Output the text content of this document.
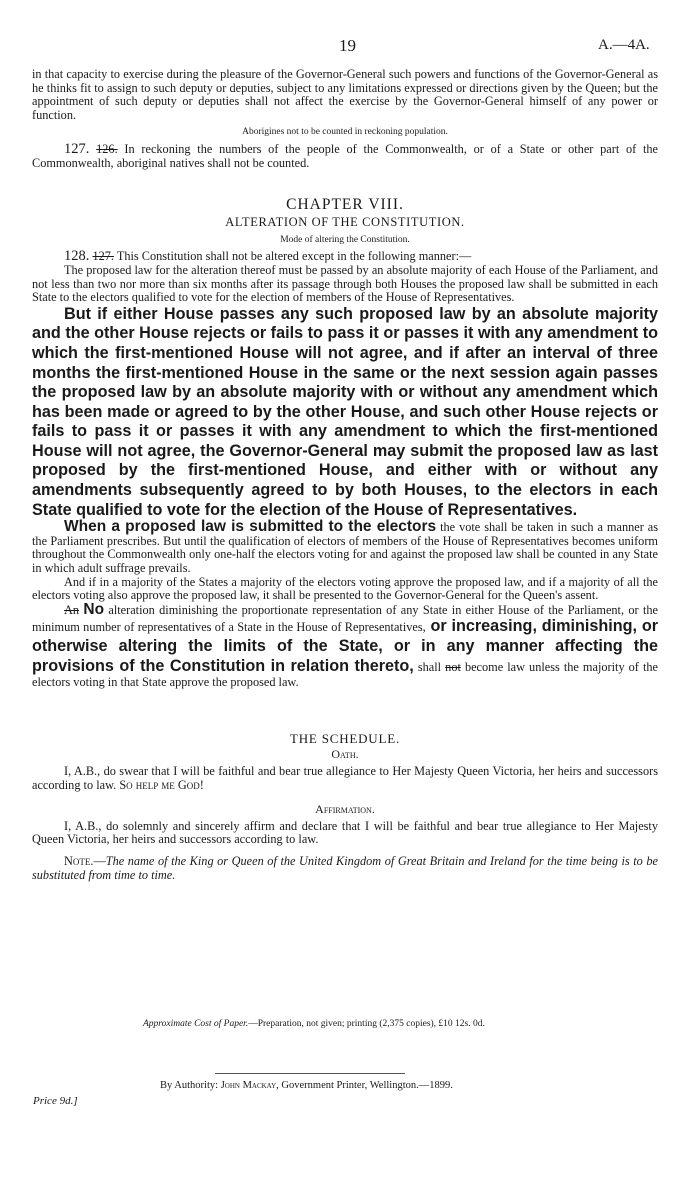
19	A.—4A.

in that capacity to exercise during the pleasure of the Governor-General such powers and functions of the Governor-General as he thinks fit to assign to such deputy or deputies, subject to any limitations expressed or directions given by the Queen; but the appointment of such deputy or deputies shall not affect the exercise by the Governor-General himself of any power or function.

Aborigines not to be counted in reckoning population.

127. 126. In reckoning the numbers of the people of the Commonwealth, or of a State or other part of the Commonwealth, aboriginal natives shall not be counted.

CHAPTER VIII.

ALTERATION OF THE CONSTITUTION.

Mode of altering the Constitution.

128. 127. This Constitution shall not be altered except in the following manner:—

The proposed law for the alteration thereof must be passed by an absolute majority of each House of the Parliament, and not less than two nor more than six months after its passage through both Houses the proposed law shall be submitted in each State to the electors qualified to vote for the election of members of the House of Representatives.

But if either House passes any such proposed law by an absolute majority and the other House rejects or fails to pass it or passes it with any amendment to which the first-mentioned House will not agree, and if after an interval of three months the first-mentioned House in the same or the next session again passes the proposed law by an absolute majority with or without any amendment which has been made or agreed to by the other House, and such other House rejects or fails to pass it or passes it with any amendment to which the first-mentioned House will not agree, the Governor-General may submit the proposed law as last proposed by the first-mentioned House, and either with or without any amendments subsequently agreed to by both Houses, to the electors in each State qualified to vote for the election of the House of Representatives.

When a proposed law is submitted to the electors the vote shall be taken in such a manner as the Parliament prescribes. But until the qualification of electors of members of the House of Representatives becomes uniform throughout the Commonwealth only one-half the electors voting for and against the proposed law shall be counted in any State in which adult suffrage prevails.

And if in a majority of the States a majority of the electors voting approve the proposed law, and if a majority of all the electors voting also approve the proposed law, it shall be presented to the Governor-General for the Queen's assent.

An No alteration diminishing the proportionate representation of any State in either House of the Parliament, or the minimum number of representatives of a State in the House of Representatives, or increasing, diminishing, or otherwise altering the limits of the State, or in any manner affecting the provisions of the Constitution in relation thereto, shall not become law unless the majority of the electors voting in that State approve the proposed law.

THE SCHEDULE.

Oath.

I, A.B., do swear that I will be faithful and bear true allegiance to Her Majesty Queen Victoria, her heirs and successors according to law. So help me God!

Affirmation.

I, A.B., do solemnly and sincerely affirm and declare that I will be faithful and bear true allegiance to Her Majesty Queen Victoria, her heirs and successors according to law.

Note.—The name of the King or Queen of the United Kingdom of Great Britain and Ireland for the time being is to be substituted from time to time.

Approximate Cost of Paper.—Preparation, not given; printing (2,375 copies), £10 12s. 0d.
By Authority: John Mackay, Government Printer, Wellington.—1899.
Price 9d.]
